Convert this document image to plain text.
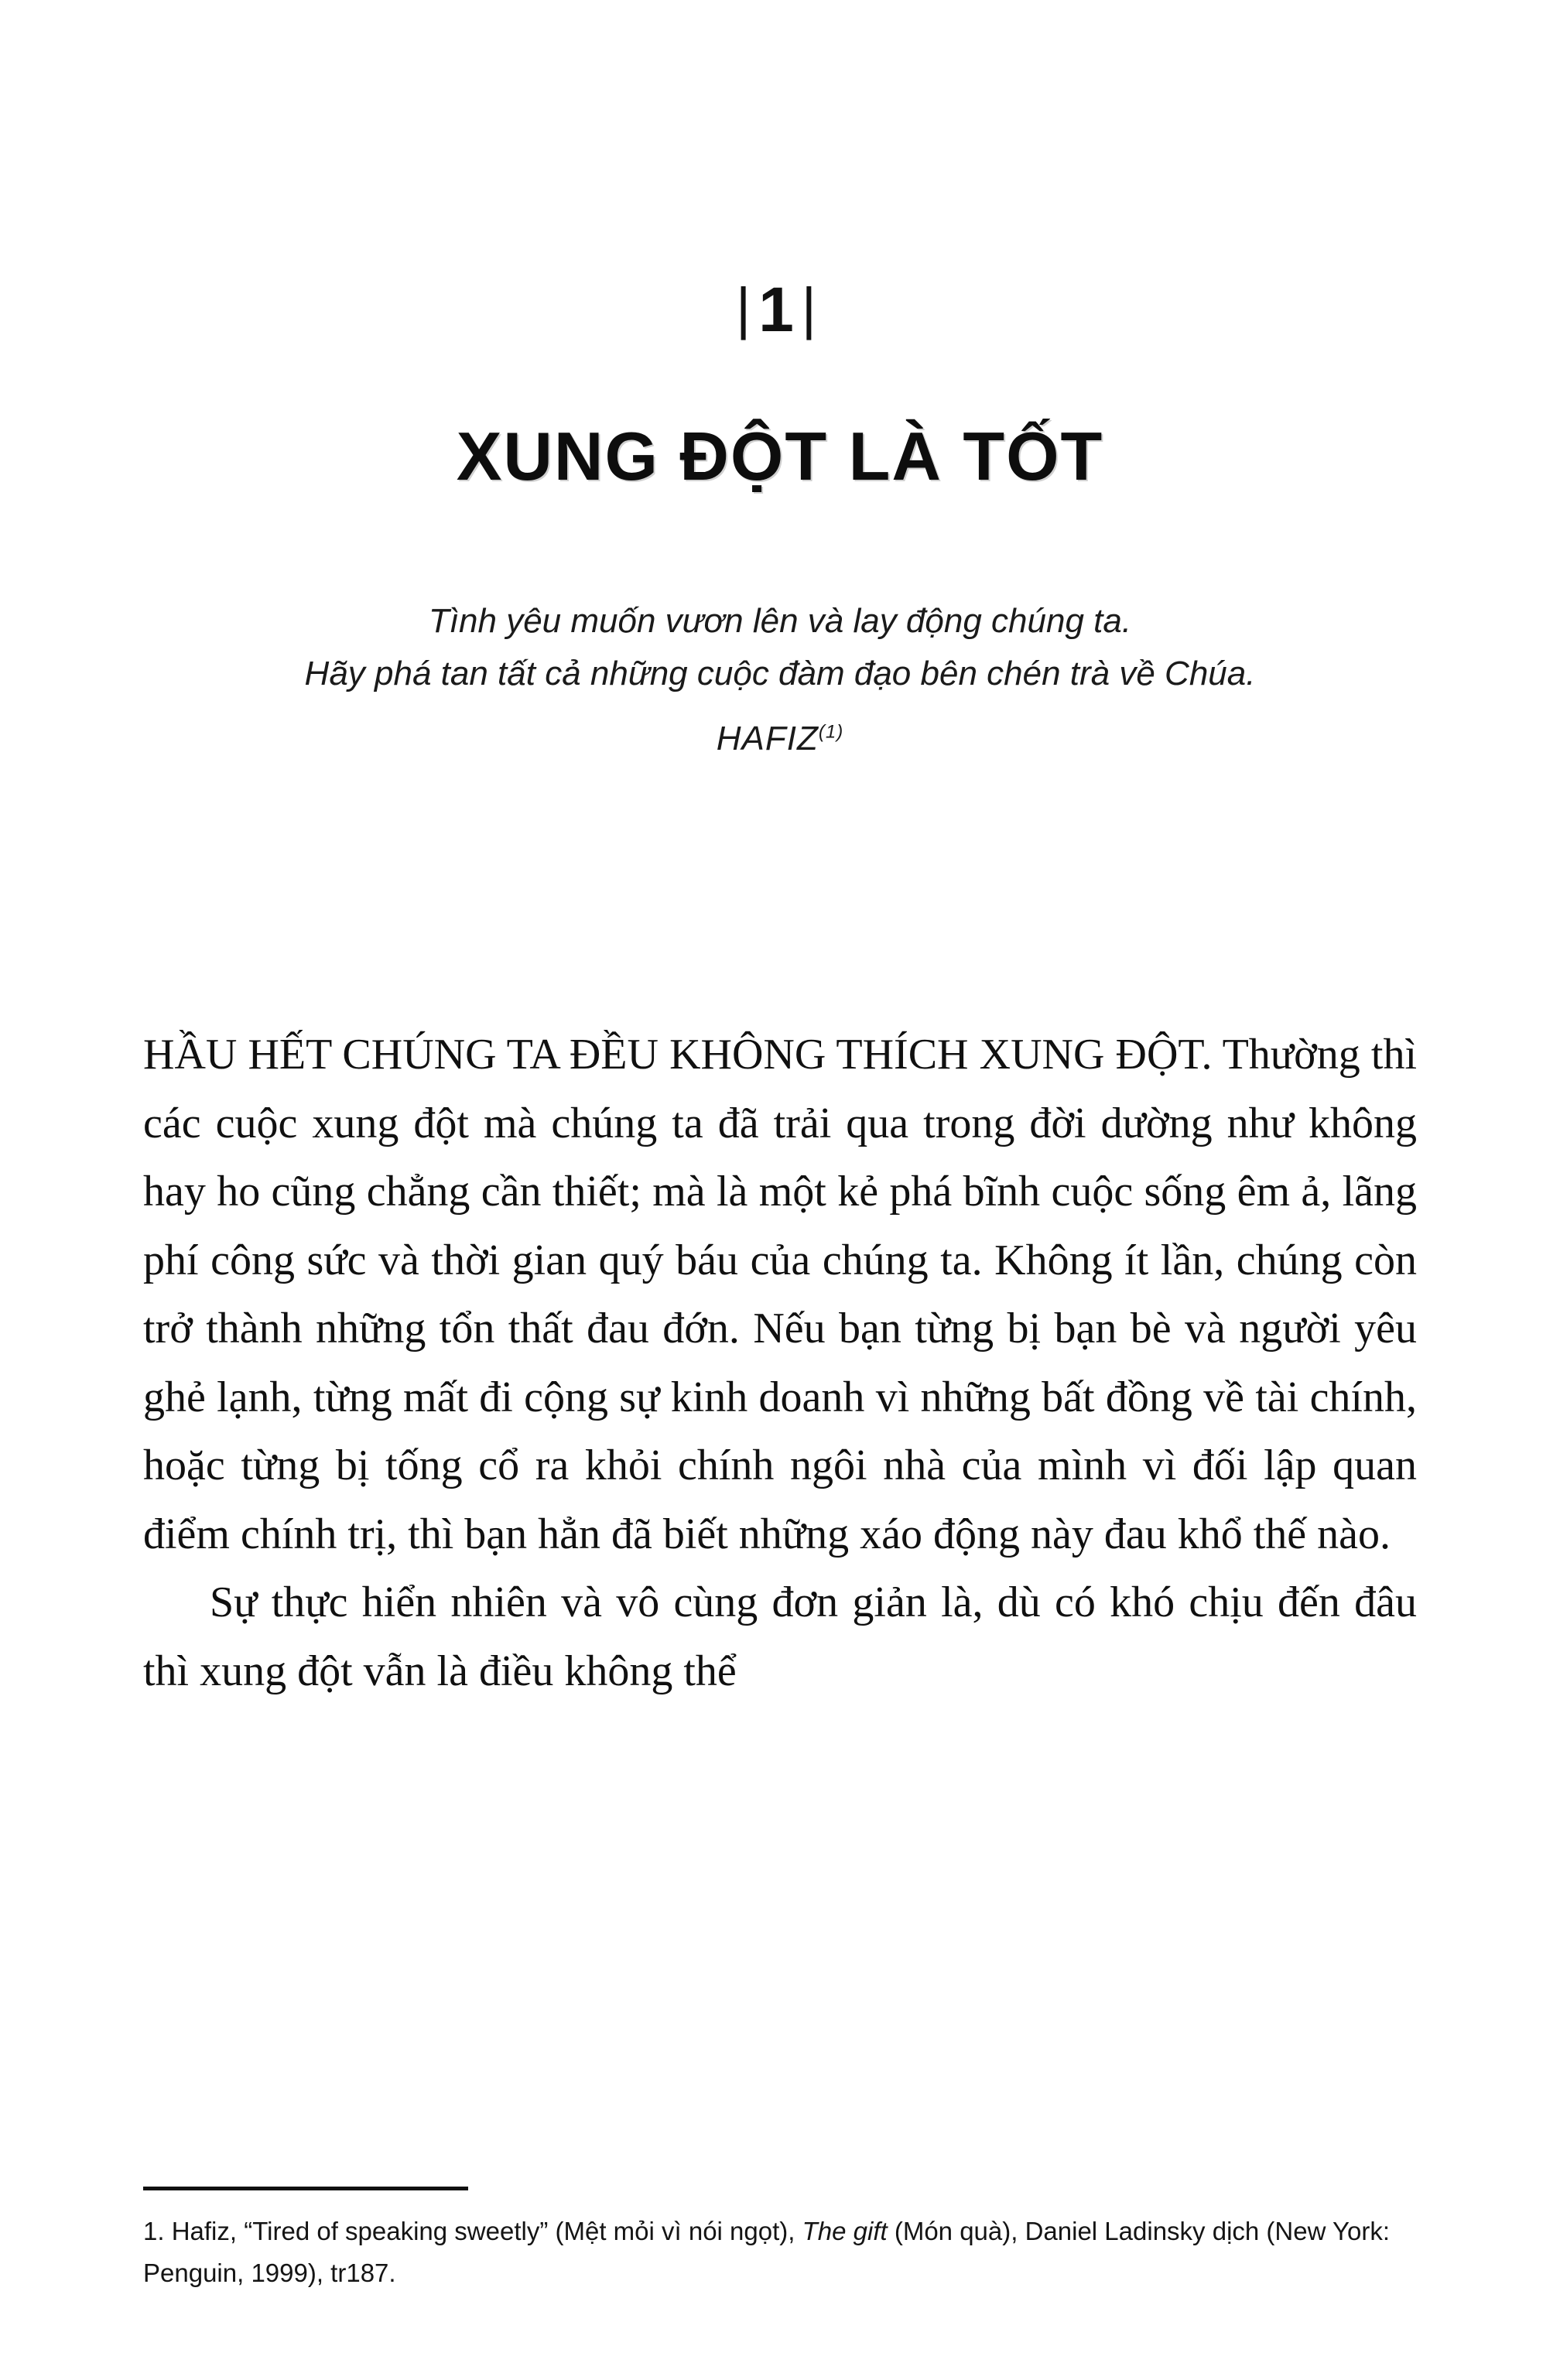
|1|
XUNG ĐỘT LÀ TỐT
Tình yêu muốn vươn lên và lay động chúng ta.
Hãy phá tan tất cả những cuộc đàm đạo bên chén trà về Chúa.
HAFIZ$^{(1)}$

HẦU HẾT CHÚNG TA ĐỀU KHÔNG THÍCH XUNG ĐỘT. Thường thì các cuộc xung đột mà chúng ta đã trải qua trong đời dường như không hay ho cũng chẳng cần thiết; mà là một kẻ phá bĩnh cuộc sống êm ả, lãng phí công sức và thời gian quý báu của chúng ta. Không ít lần, chúng còn trở thành những tổn thất đau đớn. Nếu bạn từng bị bạn bè và người yêu ghẻ lạnh, từng mất đi cộng sự kinh doanh vì những bất đồng về tài chính, hoặc từng bị tống cổ ra khỏi chính ngôi nhà của mình vì đối lập quan điểm chính trị, thì bạn hẳn đã biết những xáo động này đau khổ thế nào.

Sự thực hiển nhiên và vô cùng đơn giản là, dù có khó chịu đến đâu thì xung đột vẫn là điều không thể

1. Hafiz, “Tired of speaking sweetly” (Mệt mỏi vì nói ngọt), The gift (Món quà), Daniel Ladinsky dịch (New York: Penguin, 1999), tr187.
